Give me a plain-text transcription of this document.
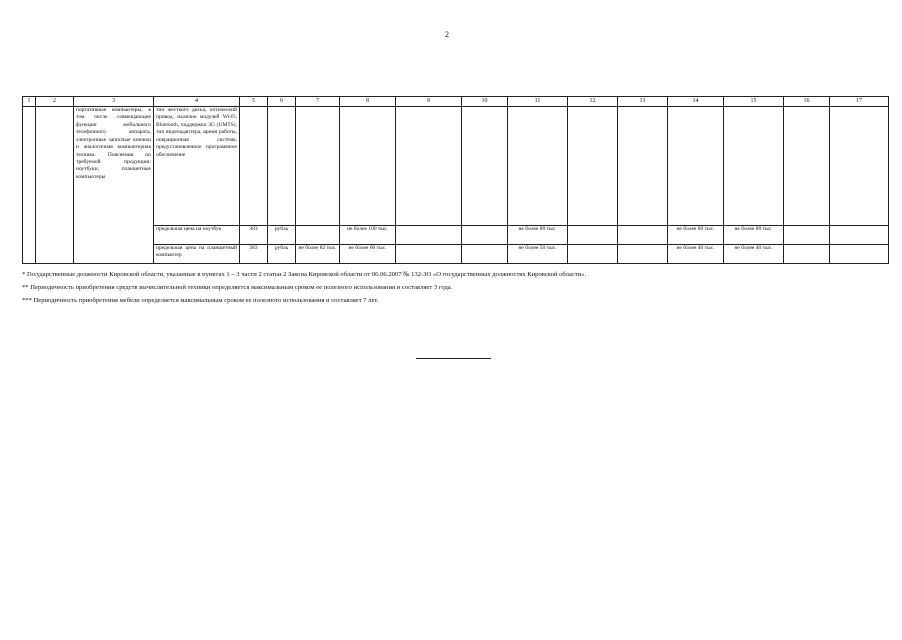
2
1	2	3	4	5	6	7	8	9	10	11	12	13	14	15	16	17
		портативные компьютеры, в том числе совмещающие функции мобильного телефонного аппарата, электронные записные книжки и аналогичная компьютерная техника. Пояснения по требуемой продукции: ноутбуки, планшетные компьютеры	тип жесткого диска, оптический привод, наличие модулей Wi-Fi, Bluetooth, поддержки 3G (UMTS), тип видеоадаптера, время работы, операционная система, предустановленное программное обеспечение													
			предельная цена на ноутбук	383	рубль		не более 100 тыс.			не более 80 тыс.			не более 80 тыс.	не более 80 тыс.		
			предельная цена на планшетный компьютер	383	рубль	не более 82 тыс.	не более 60 тыс.			не более 50 тыс.			не более 40 тыс.	не более 40 тыс.		

* Государственные должности Кировской области, указанные в пунктах 1 – 3 части 2 статьи 2 Закона Кировской области от 06.06.2007 № 132-ЗО «О государственных должностях Кировской области».

** Периодичность приобретения средств вычислительной техники определяется максимальным сроком ее полезного использования и составляет 3 года.

*** Периодичность приобретения мебели определяется максимальным сроком ее полезного использования и составляет 7 лет.
